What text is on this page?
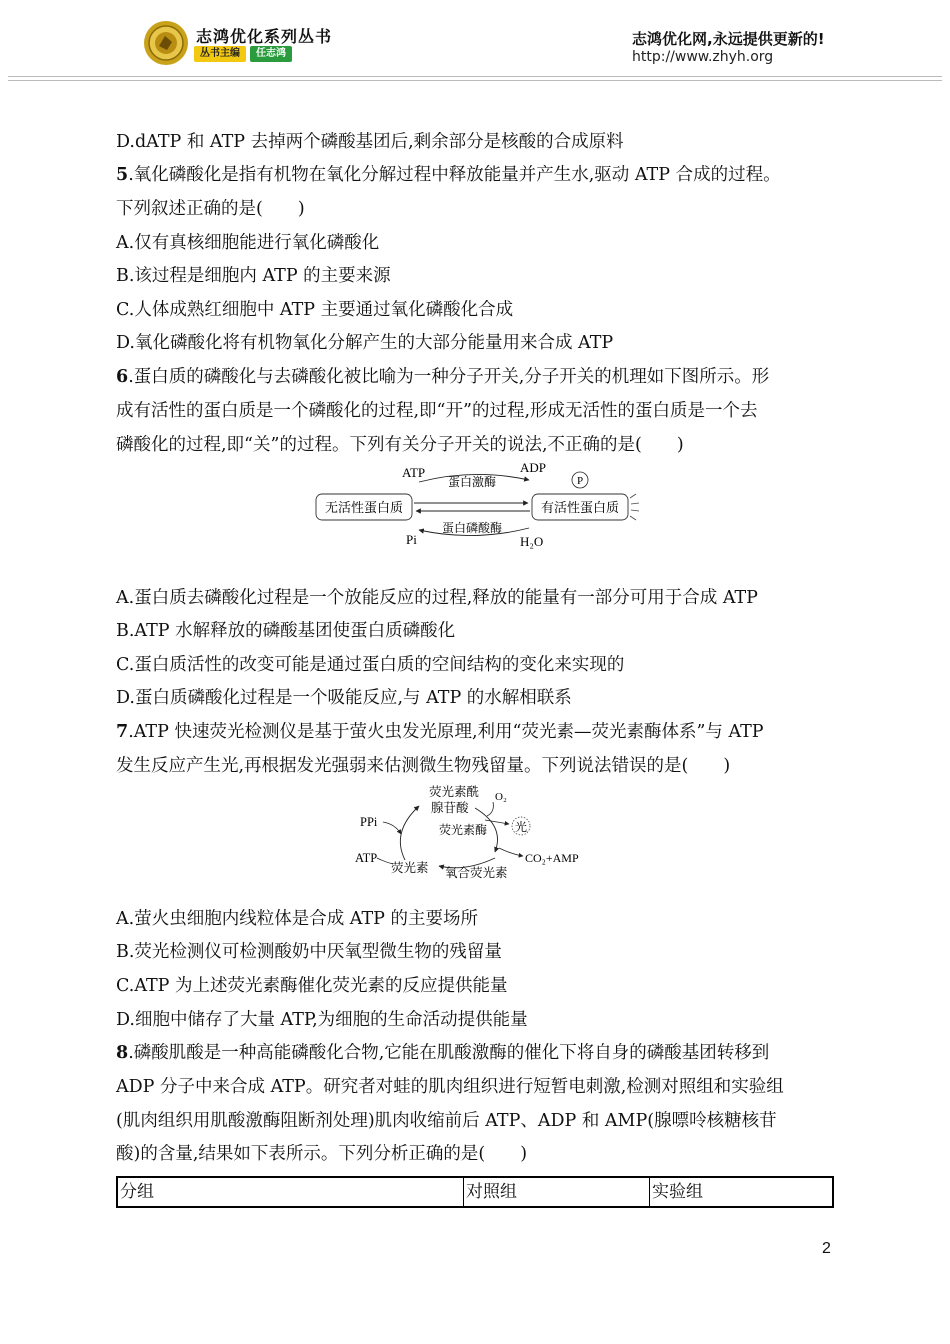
志鸿优化系列丛书
丛书主编	任志鸿
志鸿优化网,永远提供更新的!
http://www.zhyh.org
D.dATP 和 ATP 去掉两个磷酸基团后,剩余部分是核酸的合成原料
5.氧化磷酸化是指有机物在氧化分解过程中释放能量并产生水,驱动 ATP 合成的过程。
下列叙述正确的是(　　)
A.仅有真核细胞能进行氧化磷酸化
B.该过程是细胞内 ATP 的主要来源
C.人体成熟红细胞中 ATP 主要通过氧化磷酸化合成
D.氧化磷酸化将有机物氧化分解产生的大部分能量用来合成 ATP
6.蛋白质的磷酸化与去磷酸化被比喻为一种分子开关,分子开关的机理如下图所示。形
成有活性的蛋白质是一个磷酸化的过程,即“开”的过程,形成无活性的蛋白质是一个去
磷酸化的过程,即“关”的过程。下列有关分子开关的说法,不正确的是(　　)
A.蛋白质去磷酸化过程是一个放能反应的过程,释放的能量有一部分可用于合成 ATP
B.ATP 水解释放的磷酸基团使蛋白质磷酸化
C.蛋白质活性的改变可能是通过蛋白质的空间结构的变化来实现的
D.蛋白质磷酸化过程是一个吸能反应,与 ATP 的水解相联系
7.ATP 快速荧光检测仪是基于萤火虫发光原理,利用“荧光素—荧光素酶体系”与 ATP
发生反应产生光,再根据发光强弱来估测微生物残留量。下列说法错误的是(　　)
A.萤火虫细胞内线粒体是合成 ATP 的主要场所
B.荧光检测仪可检测酸奶中厌氧型微生物的残留量
C.ATP 为上述荧光素酶催化荧光素的反应提供能量
D.细胞中储存了大量 ATP,为细胞的生命活动提供能量
8.磷酸肌酸是一种高能磷酸化合物,它能在肌酸激酶的催化下将自身的磷酸基团转移到
ADP 分子中来合成 ATP。研究者对蛙的肌肉组织进行短暂电刺激,检测对照组和实验组
(肌肉组织用肌酸激酶阻断剂处理)肌肉收缩前后 ATP、ADP 和 AMP(腺嘌呤核糖核苷
酸)的含量,结果如下表所示。下列分析正确的是(　　)
ATP	ADP
P
蛋白激酶
无活性蛋白质	有活性蛋白质
蛋白磷酸酶
Pi	H₂O
荧光素酰
腺苷酸
O₂
PPi
荧光素酶 光
ATP
荧光素 氧合荧光素
CO₂+AMP
分组	对照组	实验组
2
